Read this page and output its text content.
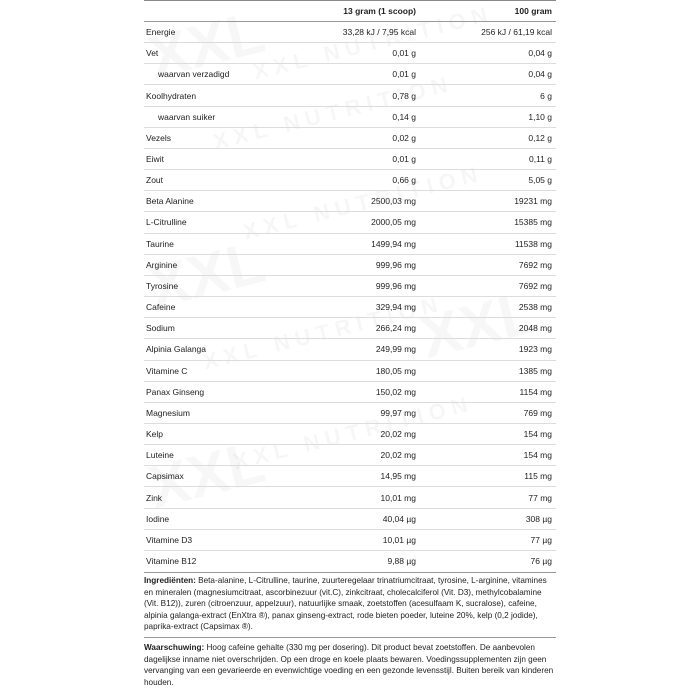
13 gram (1 scoop)	100 gram
Energie	33,28 kJ / 7,95 kcal	256 kJ / 61,19 kcal
Vet	0,01 g	0,04 g
waarvan verzadigd	0,01 g	0,04 g
Koolhydraten	0,78 g	6 g
waarvan suiker	0,14 g	1,10 g
Vezels	0,02 g	0,12 g
Eiwit	0,01 g	0,11 g
Zout	0,66 g	5,05 g
Beta Alanine	2500,03 mg	19231 mg
L-Citrulline	2000,05 mg	15385 mg
Taurine	1499,94 mg	11538 mg
Arginine	999,96 mg	7692 mg
Tyrosine	999,96 mg	7692 mg
Cafeine	329,94 mg	2538 mg
Sodium	266,24 mg	2048 mg
Alpinia Galanga	249,99 mg	1923 mg
Vitamine C	180,05 mg	1385 mg
Panax Ginseng	150,02 mg	1154 mg
Magnesium	99,97 mg	769 mg
Kelp	20,02 mg	154 mg
Luteine	20,02 mg	154 mg
Capsimax	14,95 mg	115 mg
Zink	10,01 mg	77 mg
Iodine	40,04 µg	308 µg
Vitamine D3	10,01 µg	77 µg
Vitamine B12	9,88 µg	76 µg
Ingrediënten: Beta-alanine, L-Citrulline, taurine, zuurteregelaar trinatriumcitraat, tyrosine, L-arginine, vitamines en mineralen (magnesiumcitraat, ascorbinezuur (vit.C), zinkcitraat, cholecalciferol (Vit. D3), methylcobalamine (Vit. B12)), zuren (citroenzuur, appelzuur), natuurlijke smaak, zoetstoffen (acesulfaam K, sucralose), cafeine, alpinia galanga-extract (EnXtra ®), panax ginseng-extract, rode bieten poeder, luteine 20%, kelp (0,2 jodide), paprika-extract (Capsimax ®).
Waarschuwing: Hoog cafeine gehalte (330 mg per dosering). Dit product bevat zoetstoffen. De aanbevolen dagelijkse inname niet overschrijden. Op een droge en koele plaats bewaren. Voedingssupplementen zijn geen vervanging van een gevarieerde en evenwichtige voeding en een gezonde levensstijl. Buiten bereik van kinderen houden.
